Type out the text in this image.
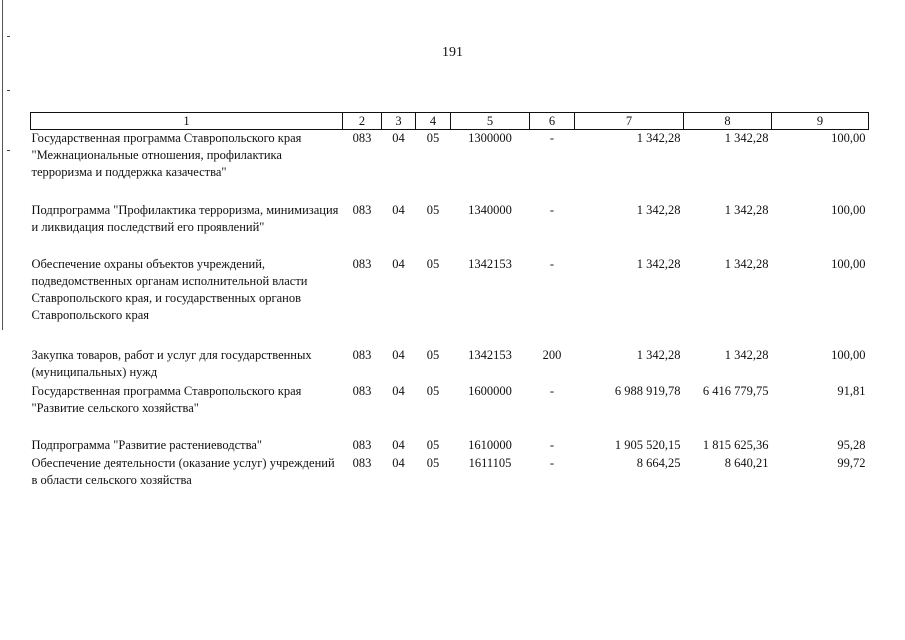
191
1	2	3	4	5	6	7	8	9
Государственная программа Ставропольского края "Межнациональные отношения, профилактика терроризма и поддержка казачества"	083	04	05	1300000	-	1 342,28	1 342,28	100,00
Подпрограмма "Профилактика терроризма, минимизация и ликвидация последствий его проявлений"	083	04	05	1340000	-	1 342,28	1 342,28	100,00
Обеспечение охраны объектов учреждений, подведомственных органам исполнительной власти Ставропольского края, и государственных органов Ставропольского края	083	04	05	1342153	-	1 342,28	1 342,28	100,00
Закупка товаров, работ и услуг для государственных (муниципальных) нужд	083	04	05	1342153	200	1 342,28	1 342,28	100,00
Государственная программа Ставропольского края "Развитие сельского хозяйства"	083	04	05	1600000	-	6 988 919,78	6 416 779,75	91,81
Подпрограмма "Развитие растениеводства"	083	04	05	1610000	-	1 905 520,15	1 815 625,36	95,28
Обеспечение деятельности (оказание услуг) учреждений в области сельского хозяйства	083	04	05	1611105	-	8 664,25	8 640,21	99,72
